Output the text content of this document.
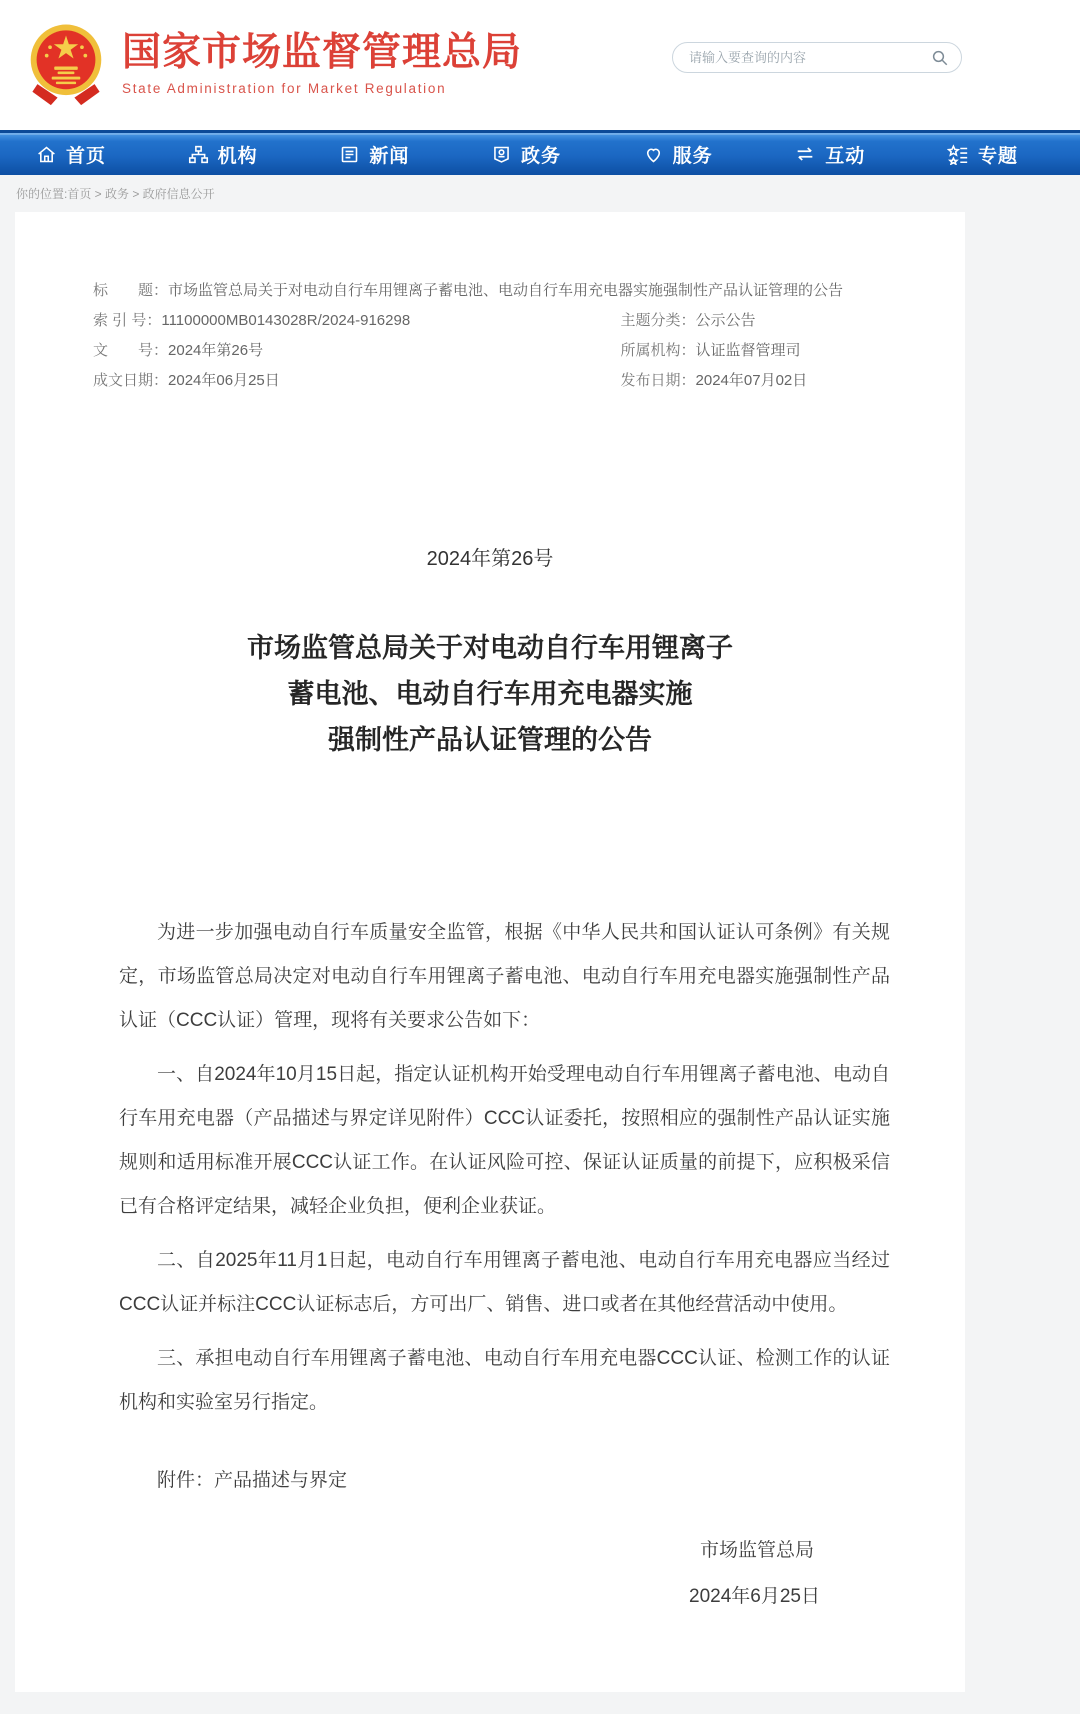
国家市场监督管理总局
State Administration for Market Regulation
请输入要查询的内容
首页	机构	新闻	政务	服务	互动	专题
你的位置:首页 > 政务 > 政府信息公开
标　　题： 市场监管总局关于对电动自行车用锂离子蓄电池、电动自行车用充电器实施强制性产品认证管理的公告
索 引 号： 11100000MB0143028R/2024-916298	主题分类： 公示公告
文　　号： 2024年第26号	所属机构： 认证监督管理司
成文日期： 2024年06月25日	发布日期： 2024年07月02日
2024年第26号
市场监管总局关于对电动自行车用锂离子
蓄电池、电动自行车用充电器实施
强制性产品认证管理的公告
为进一步加强电动自行车质量安全监管，根据《中华人民共和国认证认可条例》有关规定，市场监管总局决定对电动自行车用锂离子蓄电池、电动自行车用充电器实施强制性产品认证（CCC认证）管理，现将有关要求公告如下：
一、自2024年10月15日起，指定认证机构开始受理电动自行车用锂离子蓄电池、电动自行车用充电器（产品描述与界定详见附件）CCC认证委托，按照相应的强制性产品认证实施规则和适用标准开展CCC认证工作。在认证风险可控、保证认证质量的前提下，应积极采信已有合格评定结果，减轻企业负担，便利企业获证。
二、自2025年11月1日起，电动自行车用锂离子蓄电池、电动自行车用充电器应当经过CCC认证并标注CCC认证标志后，方可出厂、销售、进口或者在其他经营活动中使用。
三、承担电动自行车用锂离子蓄电池、电动自行车用充电器CCC认证、检测工作的认证机构和实验室另行指定。
附件：产品描述与界定
市场监管总局
2024年6月25日
